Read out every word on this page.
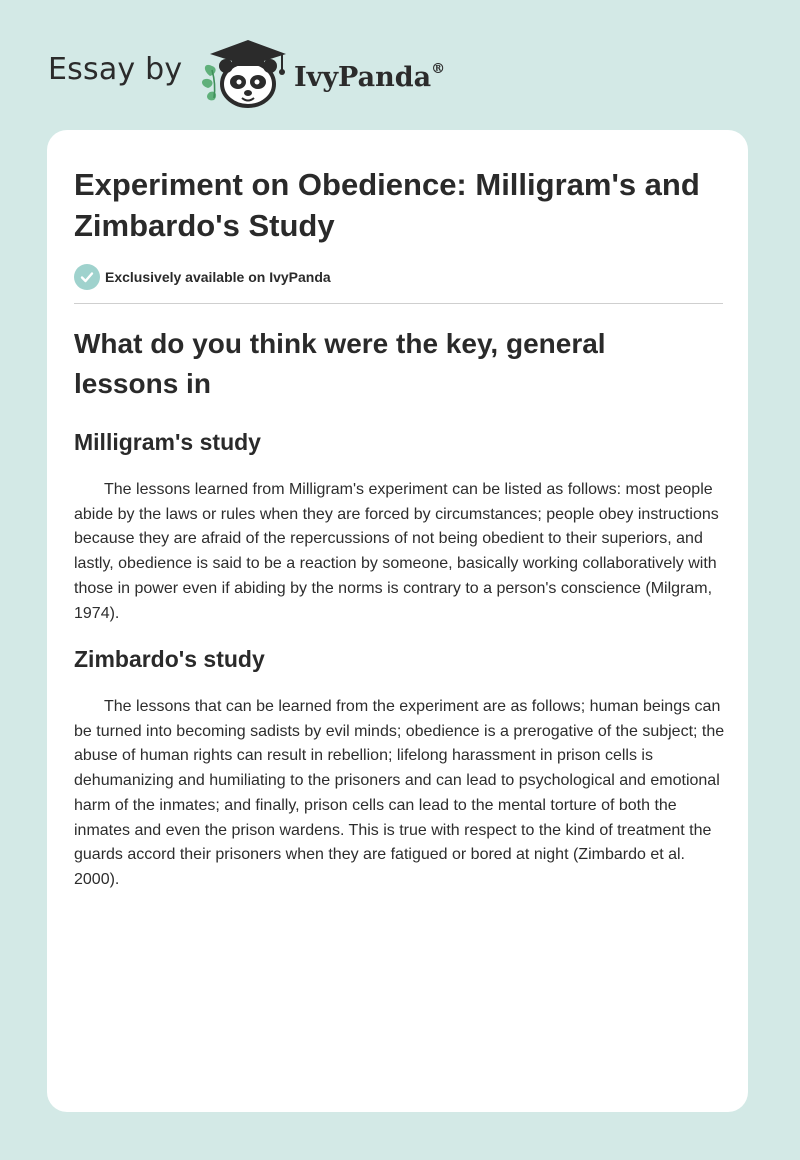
Essay by	IvyPanda®
Experiment on Obedience: Milligram's and Zimbardo's Study
Exclusively available on IvyPanda
What do you think were the key, general lessons in
Milligram's study

The lessons learned from Milligram's experiment can be listed as follows: most people abide by the laws or rules when they are forced by circumstances; people obey instructions because they are afraid of the repercussions of not being obedient to their superiors, and lastly, obedience is said to be a reaction by someone, basically working collaboratively with those in power even if abiding by the norms is contrary to a person's conscience (Milgram, 1974).

Zimbardo's study

The lessons that can be learned from the experiment are as follows; human beings can be turned into becoming sadists by evil minds; obedience is a prerogative of the subject; the abuse of human rights can result in rebellion; lifelong harassment in prison cells is dehumanizing and humiliating to the prisoners and can lead to psychological and emotional harm of the inmates; and finally, prison cells can lead to the mental torture of both the inmates and even the prison wardens. This is true with respect to the kind of treatment the guards accord their prisoners when they are fatigued or bored at night (Zimbardo et al. 2000).
